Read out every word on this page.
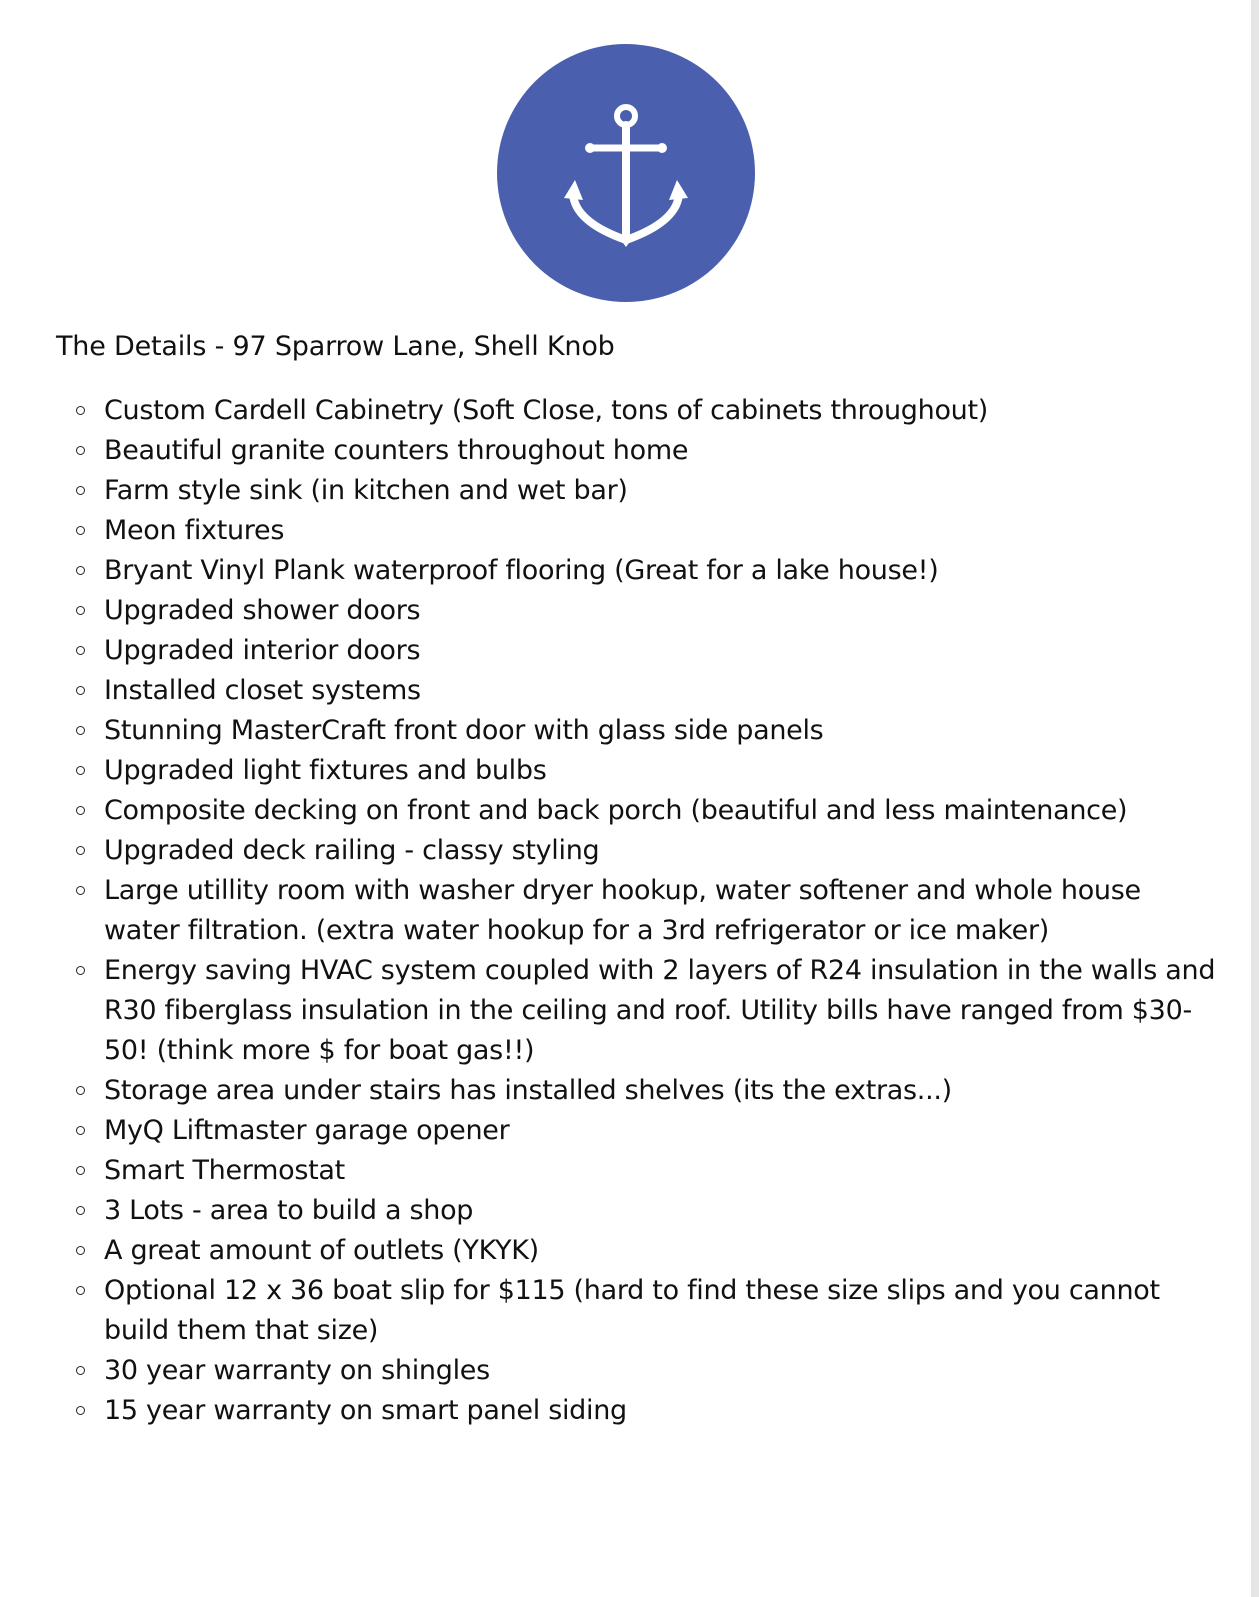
The Details - 97 Sparrow Lane, Shell Knob
Custom Cardell Cabinetry (Soft Close, tons of cabinets throughout)
Beautiful granite counters throughout home
Farm style sink (in kitchen and wet bar)
Meon fixtures
Bryant Vinyl Plank waterproof flooring (Great for a lake house!)
Upgraded shower doors
Upgraded interior doors
Installed closet systems
Stunning MasterCraft front door with glass side panels
Upgraded light fixtures and bulbs
Composite decking on front and back porch (beautiful and less maintenance)
Upgraded deck railing - classy styling
Large utillity room with washer dryer hookup, water softener and whole house water filtration. (extra water hookup for a 3rd refrigerator or ice maker)
Energy saving HVAC system coupled with 2 layers of R24 insulation in the walls and R30 fiberglass insulation in the ceiling and roof. Utility bills have ranged from $30-50! (think more $ for boat gas!!)
Storage area under stairs has installed shelves (its the extras...)
MyQ Liftmaster garage opener
Smart Thermostat
3 Lots - area to build a shop
A great amount of outlets (YKYK)
Optional 12 x 36 boat slip for $115 (hard to find these size slips and you cannot build them that size)
30 year warranty on shingles
15 year warranty on smart panel siding
